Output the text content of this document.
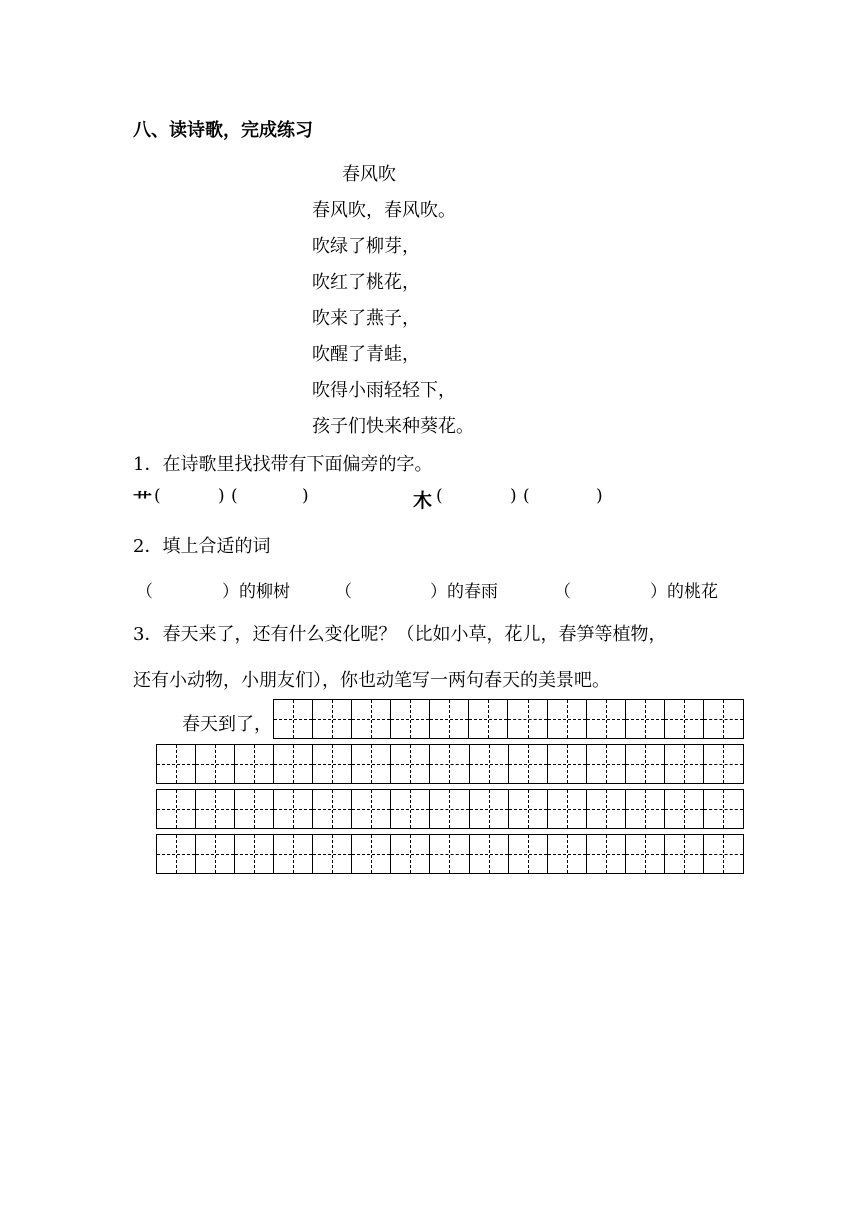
八、读诗歌，完成练习
春风吹
春风吹，春风吹。
吹绿了柳芽，
吹红了桃花，
吹来了燕子，
吹醒了青蛙，
吹得小雨轻轻下，
孩子们快来种葵花。
1．在诗歌里找找带有下面偏旁的字。
艹 (	) (	)	木 (	) (	)
2．填上合适的词
（	）的柳树	（	）的春雨	（	）的桃花
3．春天来了，还有什么变化呢？（比如小草，花儿，春笋等植物，
还有小动物，小朋友们），你也动笔写一两句春天的美景吧。
春天到了，
